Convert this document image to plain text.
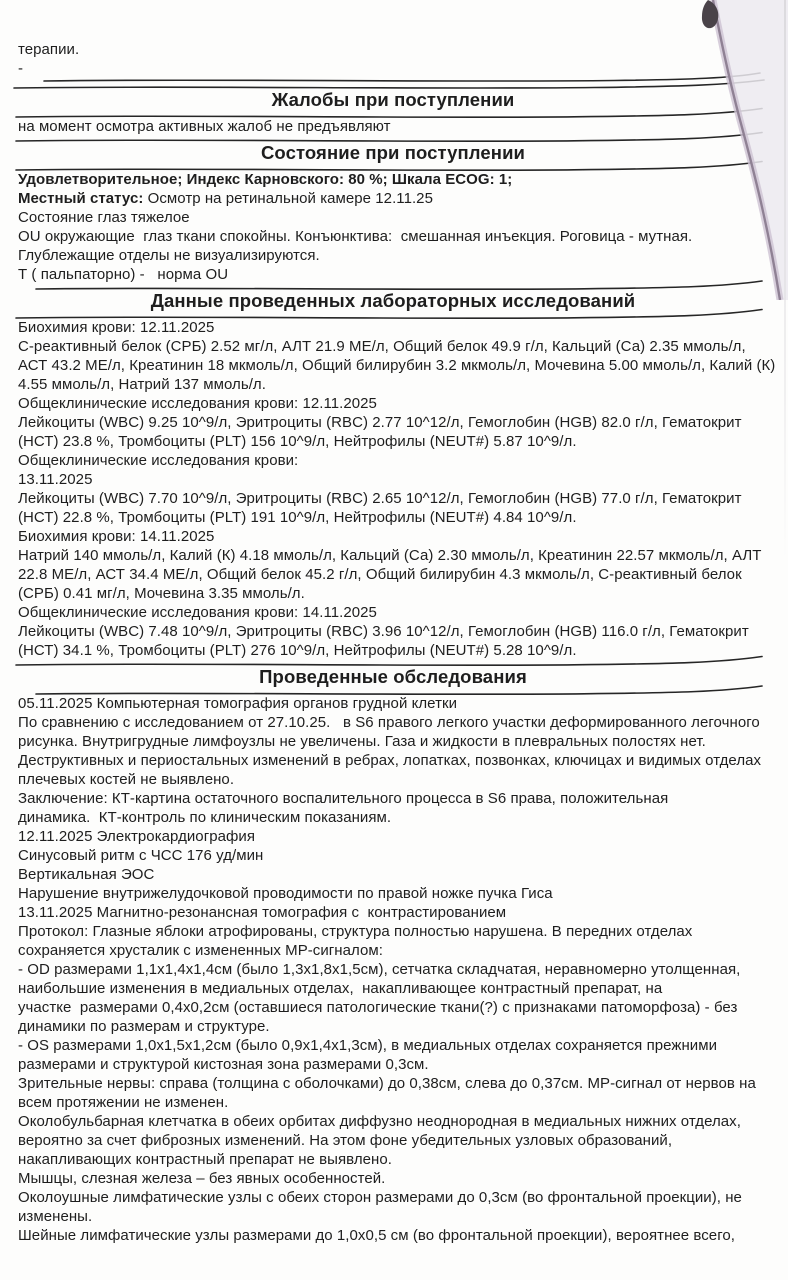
терапии.
-
Жалобы при поступлении
на момент осмотра активных жалоб не предъявляют
Состояние при поступлении
Удовлетворительное; Индекс Карновского: 80 %; Шкала ECOG: 1;
Местный статус: Осмотр на ретинальной камере 12.11.25
Состояние глаз тяжелое
OU окружающие  глаз ткани спокойны. Конъюнктива:  смешанная инъекция. Роговица - мутная.
Глублежащие отделы не визуализируются.
Т ( пальпаторно) -   норма OU
Данные проведенных лабораторных исследований
Биохимия крови: 12.11.2025
С-реактивный белок (СРБ) 2.52 мг/л, АЛТ 21.9 МЕ/л, Общий белок 49.9 г/л, Кальций (Са) 2.35 ммоль/л,
АСТ 43.2 МЕ/л, Креатинин 18 мкмоль/л, Общий билирубин 3.2 мкмоль/л, Мочевина 5.00 ммоль/л, Калий (К)
4.55 ммоль/л, Натрий 137 ммоль/л.
Общеклинические исследования крови: 12.11.2025
Лейкоциты (WBC) 9.25 10^9/л, Эритроциты (RBC) 2.77 10^12/л, Гемоглобин (HGB) 82.0 г/л, Гематокрит
(НСТ) 23.8 %, Тромбоциты (PLT) 156 10^9/л, Нейтрофилы (NEUT#) 5.87 10^9/л.
Общеклинические исследования крови:
13.11.2025
Лейкоциты (WBC) 7.70 10^9/л, Эритроциты (RBC) 2.65 10^12/л, Гемоглобин (HGB) 77.0 г/л, Гематокрит
(НСТ) 22.8 %, Тромбоциты (PLT) 191 10^9/л, Нейтрофилы (NEUT#) 4.84 10^9/л.
Биохимия крови: 14.11.2025
Натрий 140 ммоль/л, Калий (К) 4.18 ммоль/л, Кальций (Са) 2.30 ммоль/л, Креатинин 22.57 мкмоль/л, АЛТ
22.8 МЕ/л, АСТ 34.4 МЕ/л, Общий белок 45.2 г/л, Общий билирубин 4.3 мкмоль/л, С-реактивный белок
(СРБ) 0.41 мг/л, Мочевина 3.35 ммоль/л.
Общеклинические исследования крови: 14.11.2025
Лейкоциты (WBC) 7.48 10^9/л, Эритроциты (RBC) 3.96 10^12/л, Гемоглобин (HGB) 116.0 г/л, Гематокрит
(НСТ) 34.1 %, Тромбоциты (PLT) 276 10^9/л, Нейтрофилы (NEUT#) 5.28 10^9/л.
Проведенные обследования
05.11.2025 Компьютерная томография органов грудной клетки
По сравнению с исследованием от 27.10.25.   в S6 правого легкого участки деформированного легочного
рисунка. Внутригрудные лимфоузлы не увеличены. Газа и жидкости в плевральных полостях нет.
Деструктивных и периостальных изменений в ребрах, лопатках, позвонках, ключицах и видимых отделах
плечевых костей не выявлено.
Заключение: КТ-картина остаточного воспалительного процесса в S6 права, положительная
динамика.  КТ-контроль по клиническим показаниям.
12.11.2025 Электрокардиография
Синусовый ритм с ЧСС 176 уд/мин
Вертикальная ЭОС
Нарушение внутрижелудочковой проводимости по правой ножке пучка Гиса
13.11.2025 Магнитно-резонансная томография с  контрастированием
Протокол: Глазные яблоки атрофированы, структура полностью нарушена. В передних отделах
сохраняется хрусталик с измененных МР-сигналом:
- OD размерами 1,1х1,4х1,4см (было 1,3х1,8х1,5см), сетчатка складчатая, неравномерно утолщенная,
наибольшие изменения в медиальных отделах,  накапливающее контрастный препарат, на
участке  размерами 0,4х0,2см (оставшиеся патологические ткани(?) с признаками патоморфоза) - без
динамики по размерам и структуре.
- OS размерами 1,0х1,5х1,2см (было 0,9х1,4х1,3см), в медиальных отделах сохраняется прежними
размерами и структурой кистозная зона размерами 0,3см.
Зрительные нервы: справа (толщина с оболочками) до 0,38см, слева до 0,37см. МР-сигнал от нервов на
всем протяжении не изменен.
Околобульбарная клетчатка в обеих орбитах диффузно неоднородная в медиальных нижних отделах,
вероятно за счет фиброзных изменений. На этом фоне убедительных узловых образований,
накапливающих контрастный препарат не выявлено.
Мышцы, слезная железа – без явных особенностей.
Околоушные лимфатические узлы с обеих сторон размерами до 0,3см (во фронтальной проекции), не
изменены.
Шейные лимфатические узлы размерами до 1,0х0,5 см (во фронтальной проекции), вероятнее всего,
